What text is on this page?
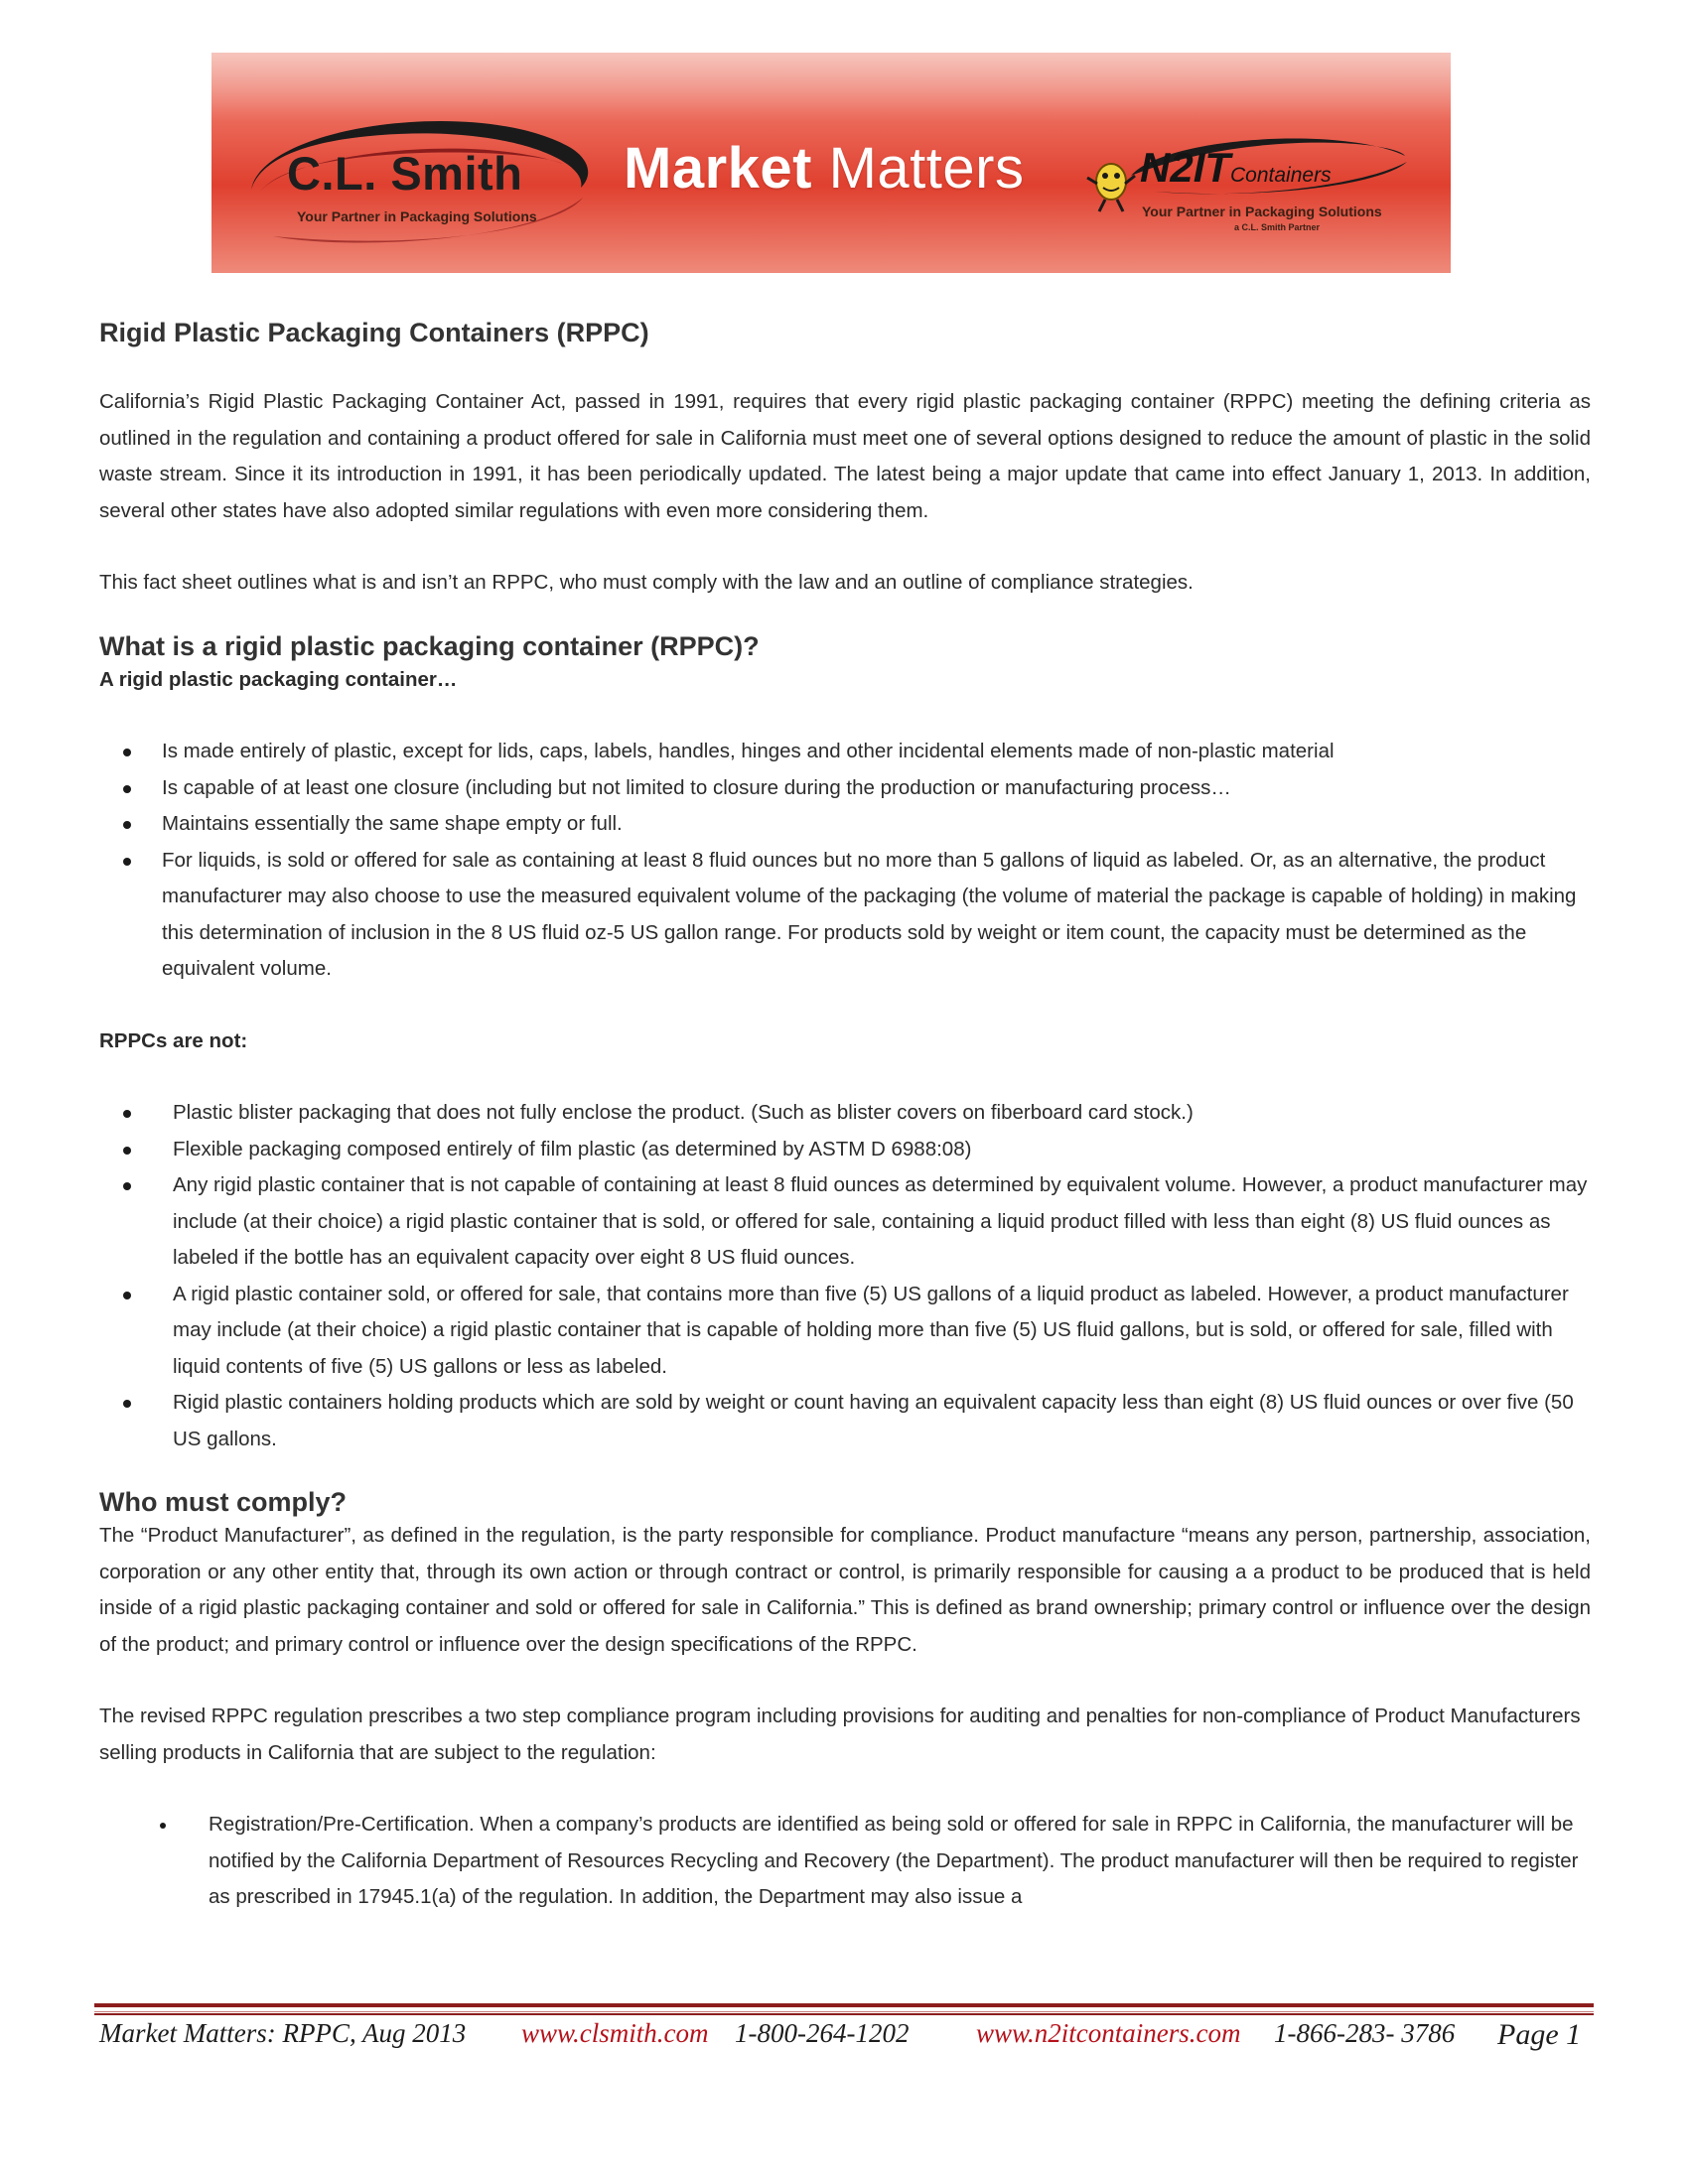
C.L. Smith
Your Partner in Packaging Solutions
Market Matters	N2ITContainers
Your Partner in Packaging Solutions
a C.L. Smith Partner
Rigid Plastic Packaging Containers (RPPC)

California’s Rigid Plastic Packaging Container Act, passed in 1991, requires that every rigid plastic packaging container (RPPC) meeting the defining criteria as outlined in the regulation and containing a product offered for sale in California must meet one of several options designed to reduce the amount of plastic in the solid waste stream. Since it its introduction in 1991, it has been periodically updated. The latest being a major update that came into effect January 1, 2013. In addition, several other states have also adopted similar regulations with even more considering them.

This fact sheet outlines what is and isn’t an RPPC, who must comply with the law and an outline of compliance strategies.

What is a rigid plastic packaging container (RPPC)?
A rigid plastic packaging container…
Is made entirely of plastic, except for lids, caps, labels, handles, hinges and other incidental elements made of non-plastic material
Is capable of at least one closure (including but not limited to closure during the production or manufacturing process…
Maintains essentially the same shape empty or full.
For liquids, is sold or offered for sale as containing at least 8 fluid ounces but no more than 5 gallons of liquid as labeled. Or, as an alternative, the product manufacturer may also choose to use the measured equivalent volume of the packaging (the volume of material the package is capable of holding) in making this determination of inclusion in the 8 US fluid oz-5 US gallon range. For products sold by weight or item count, the capacity must be determined as the equivalent volume.
RPPCs are not:
Plastic blister packaging that does not fully enclose the product. (Such as blister covers on fiberboard card stock.)
Flexible packaging composed entirely of film plastic (as determined by ASTM D 6988:08)
Any rigid plastic container that is not capable of containing at least 8 fluid ounces as determined by equivalent volume. However, a product manufacturer may include (at their choice) a rigid plastic container that is sold, or offered for sale, containing a liquid product filled with less than eight (8) US fluid ounces as labeled if the bottle has an equivalent capacity over eight 8 US fluid ounces.
A rigid plastic container sold, or offered for sale, that contains more than five (5) US gallons of a liquid product as labeled. However, a product manufacturer may include (at their choice) a rigid plastic container that is capable of holding more than five (5) US fluid gallons, but is sold, or offered for sale, filled with liquid contents of five (5) US gallons or less as labeled.
Rigid plastic containers holding products which are sold by weight or count having an equivalent capacity less than eight (8) US fluid ounces or over five (50 US gallons.
Who must comply?

The “Product Manufacturer”, as defined in the regulation, is the party responsible for compliance. Product manufacture “means any person, partnership, association, corporation or any other entity that, through its own action or through contract or control, is primarily responsible for causing a a product to be produced that is held inside of a rigid plastic packaging container and sold or offered for sale in California.” This is defined as brand ownership; primary control or influence over the design of the product; and primary control or influence over the design specifications of the RPPC.

The revised RPPC regulation prescribes a two step compliance program including provisions for auditing and penalties for non-compliance of Product Manufacturers selling products in California that are subject to the regulation:

Registration/Pre-Certification. When a company’s products are identified as being sold or offered for sale in RPPC in California, the manufacturer will be notified by the California Department of Resources Recycling and Recovery (the Department). The product manufacturer will then be required to register as prescribed in 17945.1(a) of the regulation. In addition, the Department may also issue a
Market Matters: RPPC, Aug 2013 www.clsmith.com 1-800-264-1202	www.n2itcontainers.com 1-866-283- 3786 Page 1
